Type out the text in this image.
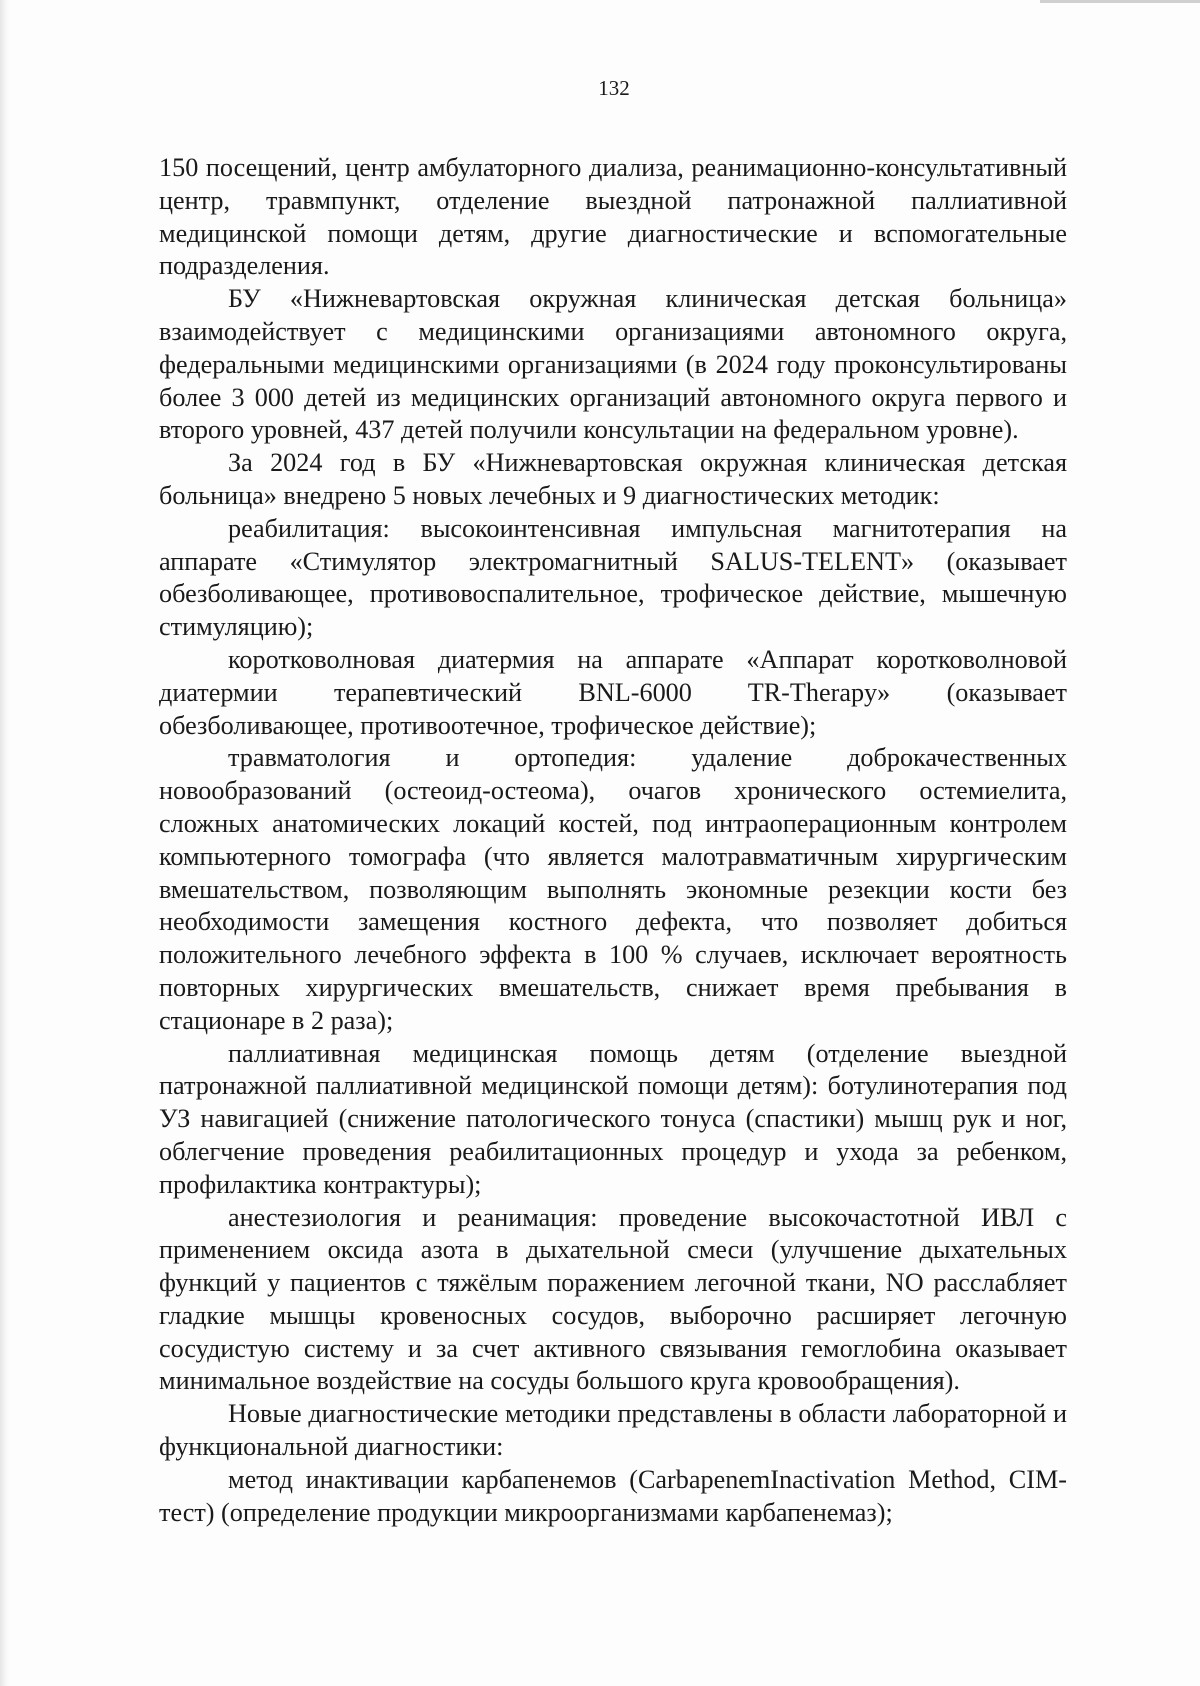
132

150 посещений, центр амбулаторного диализа, реанимационно-консультативный центр, травмпункт, отделение выездной патронажной паллиативной медицинской помощи детям, другие диагностические и вспомогательные подразделения.

БУ «Нижневартовская окружная клиническая детская больница» взаимодействует с медицинскими организациями автономного округа, федеральными медицинскими организациями (в 2024 году проконсультированы более 3 000 детей из медицинских организаций автономного округа первого и второго уровней, 437 детей получили консультации на федеральном уровне).

За 2024 год в БУ «Нижневартовская окружная клиническая детская больница» внедрено 5 новых лечебных и 9 диагностических методик:

реабилитация: высокоинтенсивная импульсная магнитотерапия на аппарате «Стимулятор электромагнитный SALUS-TELENT» (оказывает обезболивающее, противовоспалительное, трофическое действие, мышечную стимуляцию);

коротковолновая диатермия на аппарате «Аппарат коротковолновой диатермии терапевтический BNL-6000 TR-Therapy» (оказывает обезболивающее, противоотечное, трофическое действие);

травматология и ортопедия: удаление доброкачественных новообразований (остеоид-остеома), очагов хронического остемиелита, сложных анатомических локаций костей, под интраоперационным контролем компьютерного томографа (что является малотравматичным хирургическим вмешательством, позволяющим выполнять экономные резекции кости без необходимости замещения костного дефекта, что позволяет добиться положительного лечебного эффекта в 100 % случаев, исключает вероятность повторных хирургических вмешательств, снижает время пребывания в стационаре в 2 раза);

паллиативная медицинская помощь детям (отделение выездной патронажной паллиативной медицинской помощи детям): ботулинотерапия под УЗ навигацией (снижение патологического тонуса (спастики) мышц рук и ног, облегчение проведения реабилитационных процедур и ухода за ребенком, профилактика контрактуры);

анестезиология и реанимация: проведение высокочастотной ИВЛ с применением оксида азота в дыхательной смеси (улучшение дыхательных функций у пациентов с тяжёлым поражением легочной ткани, NO расслабляет гладкие мышцы кровеносных сосудов, выборочно расширяет легочную сосудистую систему и за счет активного связывания гемоглобина оказывает минимальное воздействие на сосуды большого круга кровообращения).

Новые диагностические методики представлены в области лабораторной и функциональной диагностики:

метод инактивации карбапенемов (CarbapenemInactivation Method, CIM-тест) (определение продукции микроорганизмами карбапенемаз);
